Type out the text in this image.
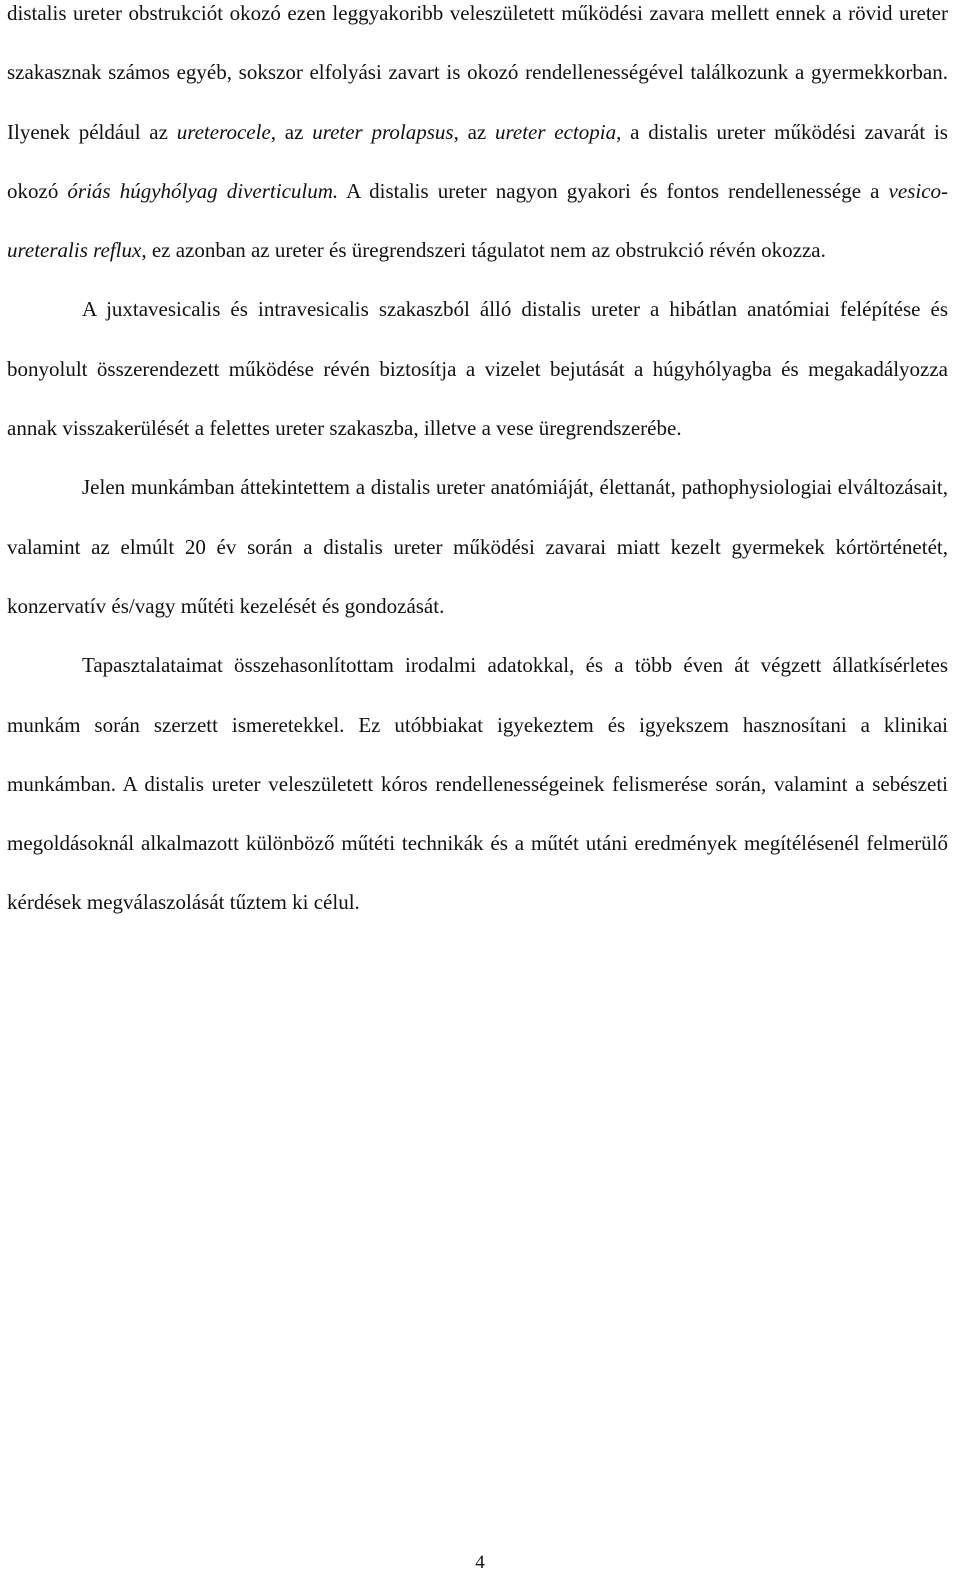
distalis ureter obstrukciót okozó ezen leggyakoribb veleszületett működési zavara mellett ennek a rövid ureter szakasznak számos egyéb, sokszor elfolyási zavart is okozó rendellenességével találkozunk a gyermekkorban. Ilyenek például az ureterocele, az ureter prolapsus, az ureter ectopia, a distalis ureter működési zavarát is okozó óriás húgyhólyag diverticulum. A distalis ureter nagyon gyakori és fontos rendellenessége a vesico-ureteralis reflux, ez azonban az ureter és üregrendszeri tágulatot nem az obstrukció révén okozza.

A juxtavesicalis és intravesicalis szakaszból álló distalis ureter a hibátlan anatómiai felépítése és bonyolult összerendezett működése révén biztosítja a vizelet bejutását a húgyhólyagba és megakadályozza annak visszakerülését a felettes ureter szakaszba, illetve a vese üregrendszerébe.

Jelen munkámban áttekintettem a distalis ureter anatómiáját, élettanát, pathophysiologiai elváltozásait, valamint az elmúlt 20 év során a distalis ureter működési zavarai miatt kezelt gyermekek kórtörténetét, konzervatív és/vagy műtéti kezelését és gondozását.

Tapasztalataimat összehasonlítottam irodalmi adatokkal, és a több éven át végzett állatkísérletes munkám során szerzett ismeretekkel. Ez utóbbiakat igyekeztem és igyekszem hasznosítani a klinikai munkámban. A distalis ureter veleszületett kóros rendellenességeinek felismerése során, valamint a sebészeti megoldásoknál alkalmazott különböző műtéti technikák és a műtét utáni eredmények megítélésenél felmerülő kérdések megválaszolását tűztem ki célul.

4
